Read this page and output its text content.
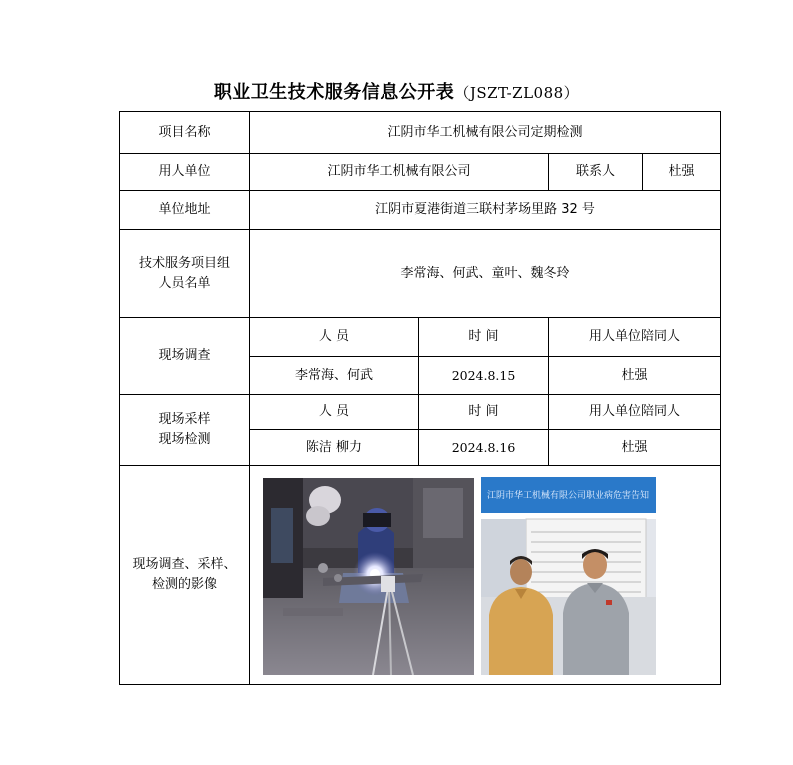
职业卫生技术服务信息公开表（JSZT-ZL088）
项目名称	江阴市华工机械有限公司定期检测			
用人单位	江阴市华工机械有限公司		联系人	杜强
单位地址	江阴市夏港街道三联村茅场里路 32 号			

技术服务项目组
人员名单	李常海、何武、童叶、魏冬玲			
现场调查	人 员	时 间	用人单位陪同人	
	李常海、何武	2024.8.15	杜强	

现场采样
现场检测	人 员	时 间	用人单位陪同人	
	陈洁 柳力	2024.8.16	杜强	

现场调查、采样、
检测的影像				

江阴市华工机械有限公司职业病危害告知
